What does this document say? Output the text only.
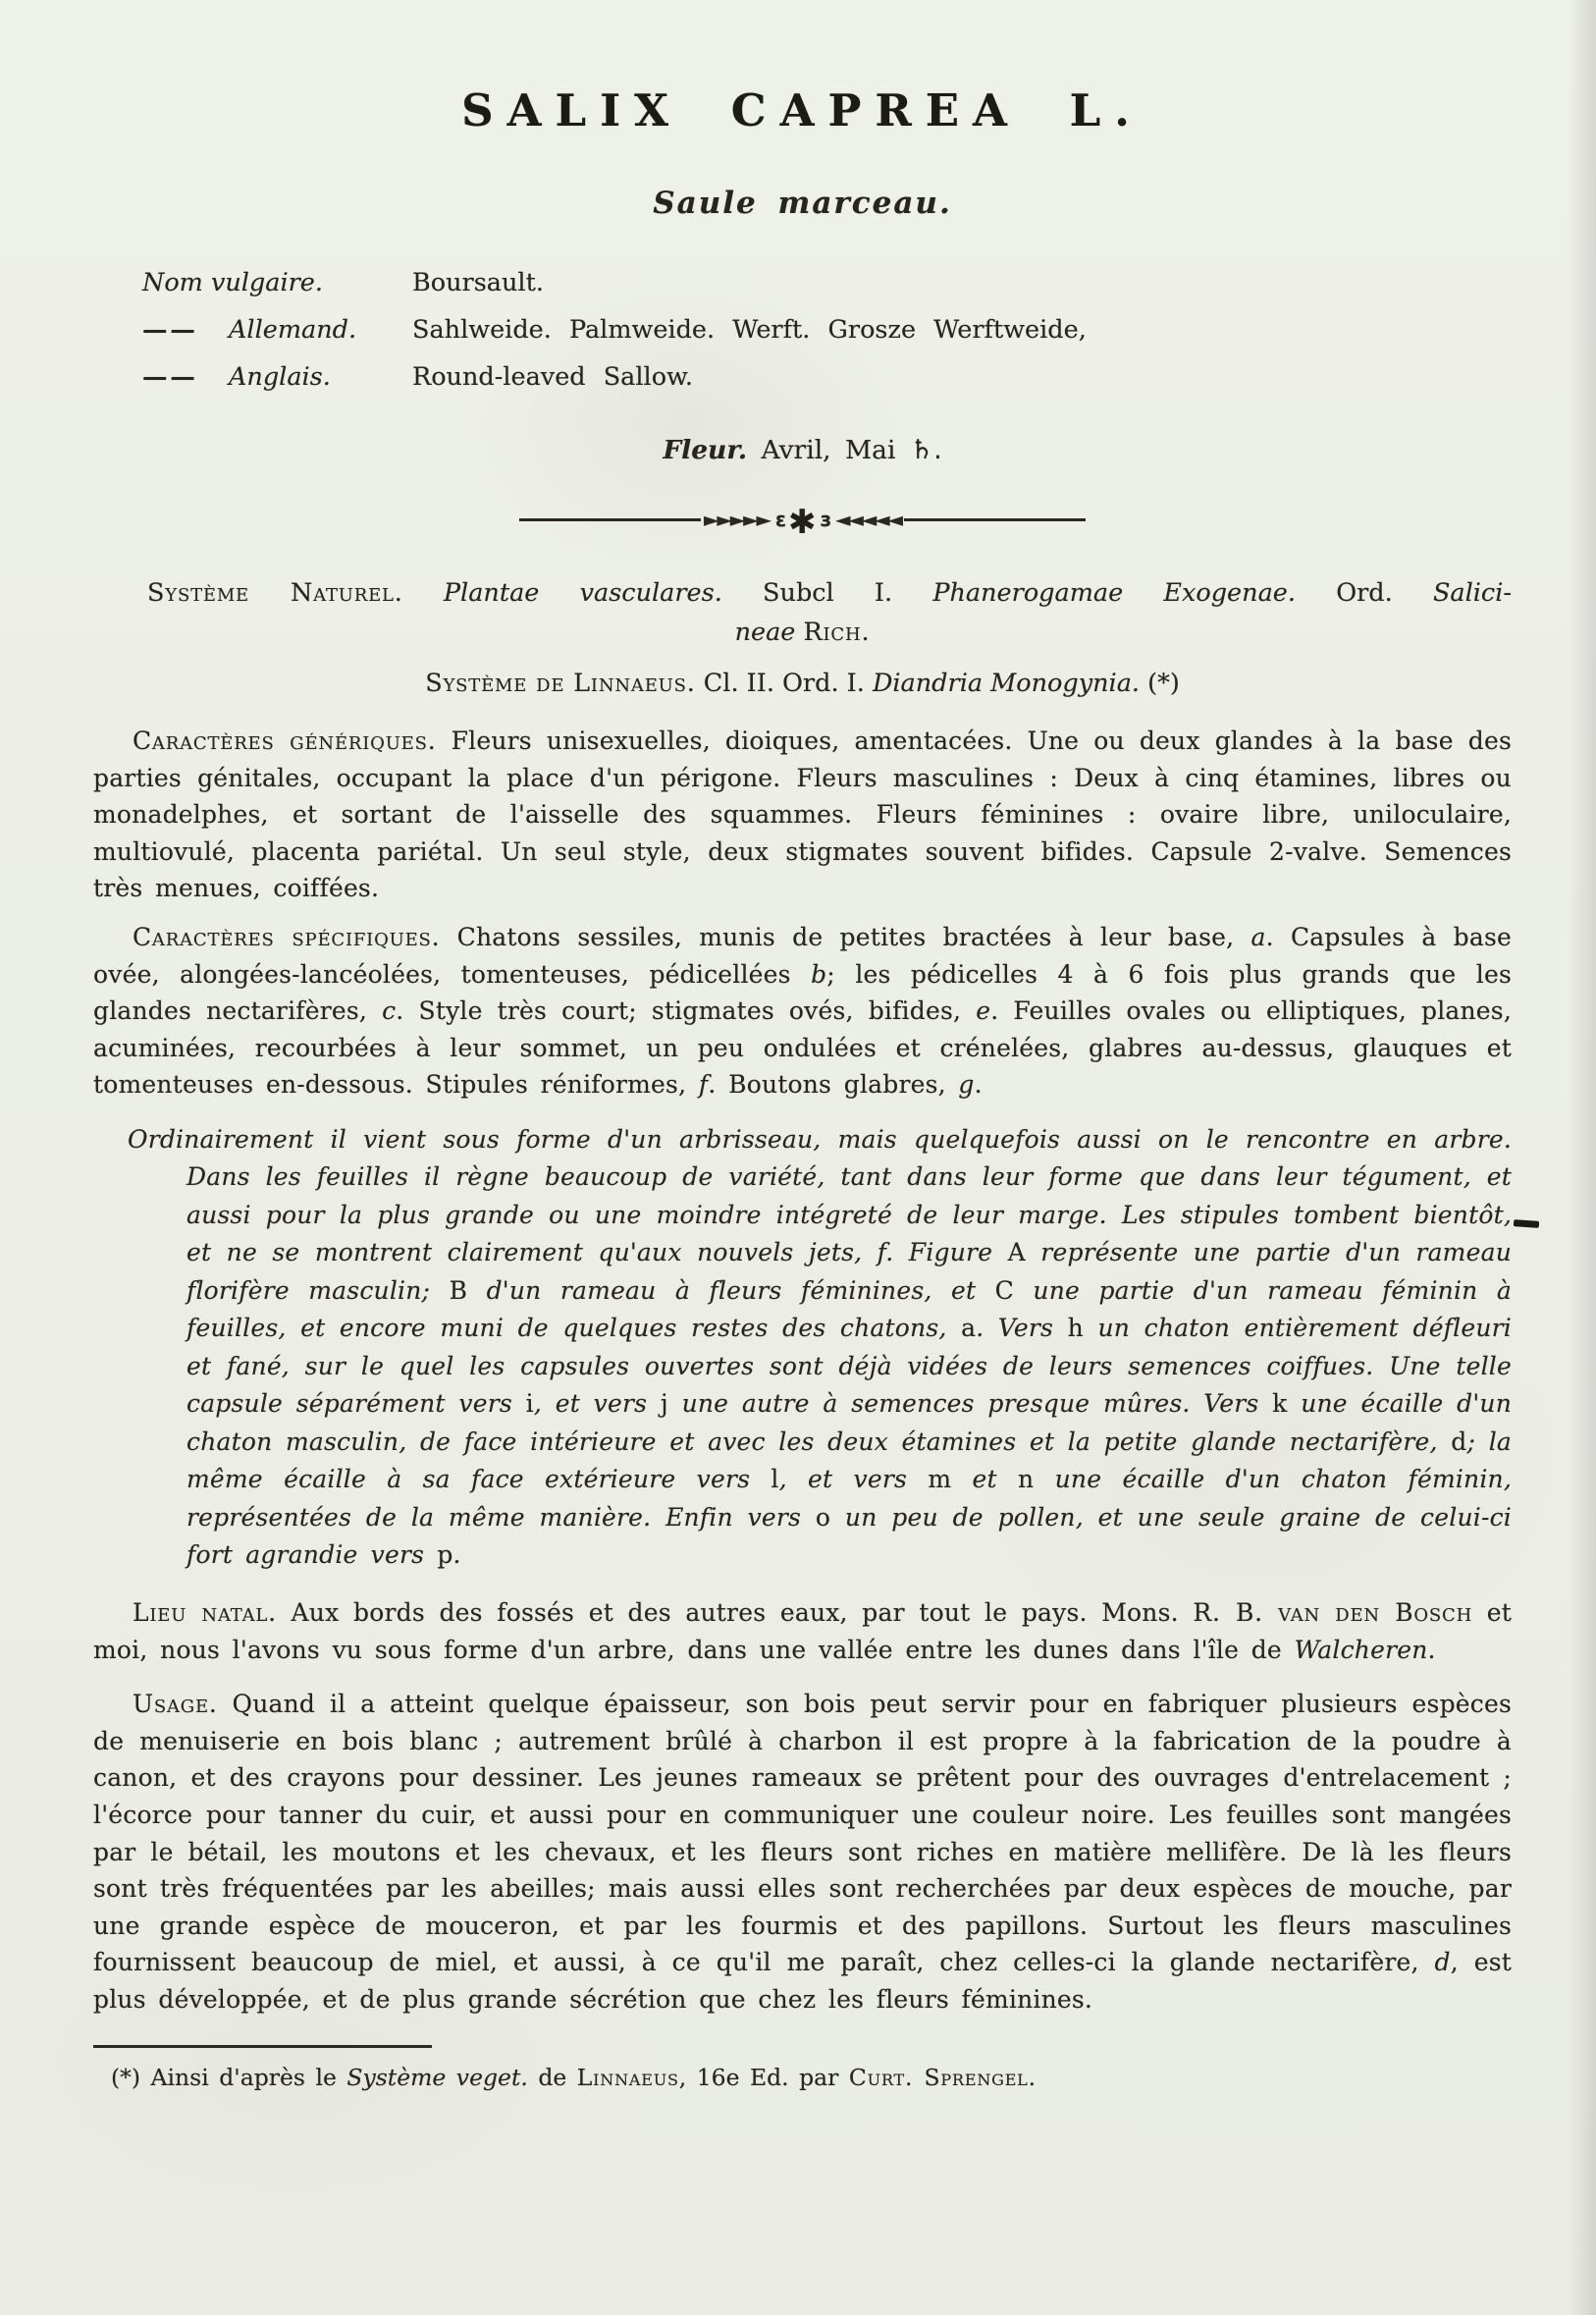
SALIX CAPREA L.
Saule marceau.
Nom vulgaire.	Boursault.
— —	Allemand.	Sahlweide. Palmweide. Werft. Grosze Werftweide,
— —	Anglais.	Round-leaved Sallow.
Fleur. Avril, Mai ♄.
►►►►► ε ✱ з ◄◄◄◄◄
Système Naturel. Plantae vasculares. Subcl I. Phanerogamae Exogenae. Ord. Salici-
neae Rich.
Système de Linnaeus. Cl. II. Ord. I. Diandria Monogynia. (*)
Caractères génériques. Fleurs unisexuelles, dioiques, amentacées. Une ou deux glandes à la base des parties génitales, occupant la place d'un périgone. Fleurs masculines : Deux à cinq étamines, libres ou monadelphes, et sortant de l'aisselle des squammes. Fleurs féminines : ovaire libre, uniloculaire, multiovulé, placenta pariétal. Un seul style, deux stigmates souvent bifides. Capsule 2-valve. Semences très menues, coiffées.
Caractères spécifiques. Chatons sessiles, munis de petites bractées à leur base, a. Capsules à base ovée, alongées-lancéolées, tomenteuses, pédicellées b; les pédicelles 4 à 6 fois plus grands que les glandes nectarifères, c. Style très court; stigmates ovés, bifides, e. Feuilles ovales ou elliptiques, planes, acuminées, recourbées à leur sommet, un peu ondulées et crénelées, glabres au-dessus, glauques et tomenteuses en-dessous. Stipules réniformes, f. Boutons glabres, g.
Ordinairement il vient sous forme d'un arbrisseau, mais quelquefois aussi on le rencontre en arbre. Dans les feuilles il règne beaucoup de variété, tant dans leur forme que dans leur tégument, et aussi pour la plus grande ou une moindre intégreté de leur marge. Les stipules tombent bientôt, et ne se montrent clairement qu'aux nouvels jets, f. Figure A représente une partie d'un rameau florifère masculin; B d'un rameau à fleurs féminines, et C une partie d'un rameau féminin à feuilles, et encore muni de quelques restes des chatons, a. Vers h un chaton entièrement défleuri et fané, sur le quel les capsules ouvertes sont déjà vidées de leurs semences coiffues. Une telle capsule séparément vers i, et vers j une autre à semences presque mûres. Vers k une écaille d'un chaton masculin, de face intérieure et avec les deux étamines et la petite glande nectarifère, d; la même écaille à sa face extérieure vers l, et vers m et n une écaille d'un chaton féminin, représentées de la même manière. Enfin vers o un peu de pollen, et une seule graine de celui-ci fort agrandie vers p.
Lieu natal. Aux bords des fossés et des autres eaux, par tout le pays. Mons. R. B. van den Bosch et moi, nous l'avons vu sous forme d'un arbre, dans une vallée entre les dunes dans l'île de Walcheren.
Usage. Quand il a atteint quelque épaisseur, son bois peut servir pour en fabriquer plusieurs espèces de menuiserie en bois blanc ; autrement brûlé à charbon il est propre à la fabrication de la poudre à canon, et des crayons pour dessiner. Les jeunes rameaux se prêtent pour des ouvrages d'entrelacement ; l'écorce pour tanner du cuir, et aussi pour en communiquer une couleur noire. Les feuilles sont mangées par le bétail, les moutons et les chevaux, et les fleurs sont riches en matière mellifère. De là les fleurs sont très fréquentées par les abeilles; mais aussi elles sont recherchées par deux espèces de mouche, par une grande espèce de mouceron, et par les fourmis et des papillons. Surtout les fleurs masculines fournissent beaucoup de miel, et aussi, à ce qu'il me paraît, chez celles-ci la glande nectarifère, d, est plus développée, et de plus grande sécrétion que chez les fleurs féminines.
(*) Ainsi d'après le Système veget. de Linnaeus, 16e Ed. par Curt. Sprengel.
